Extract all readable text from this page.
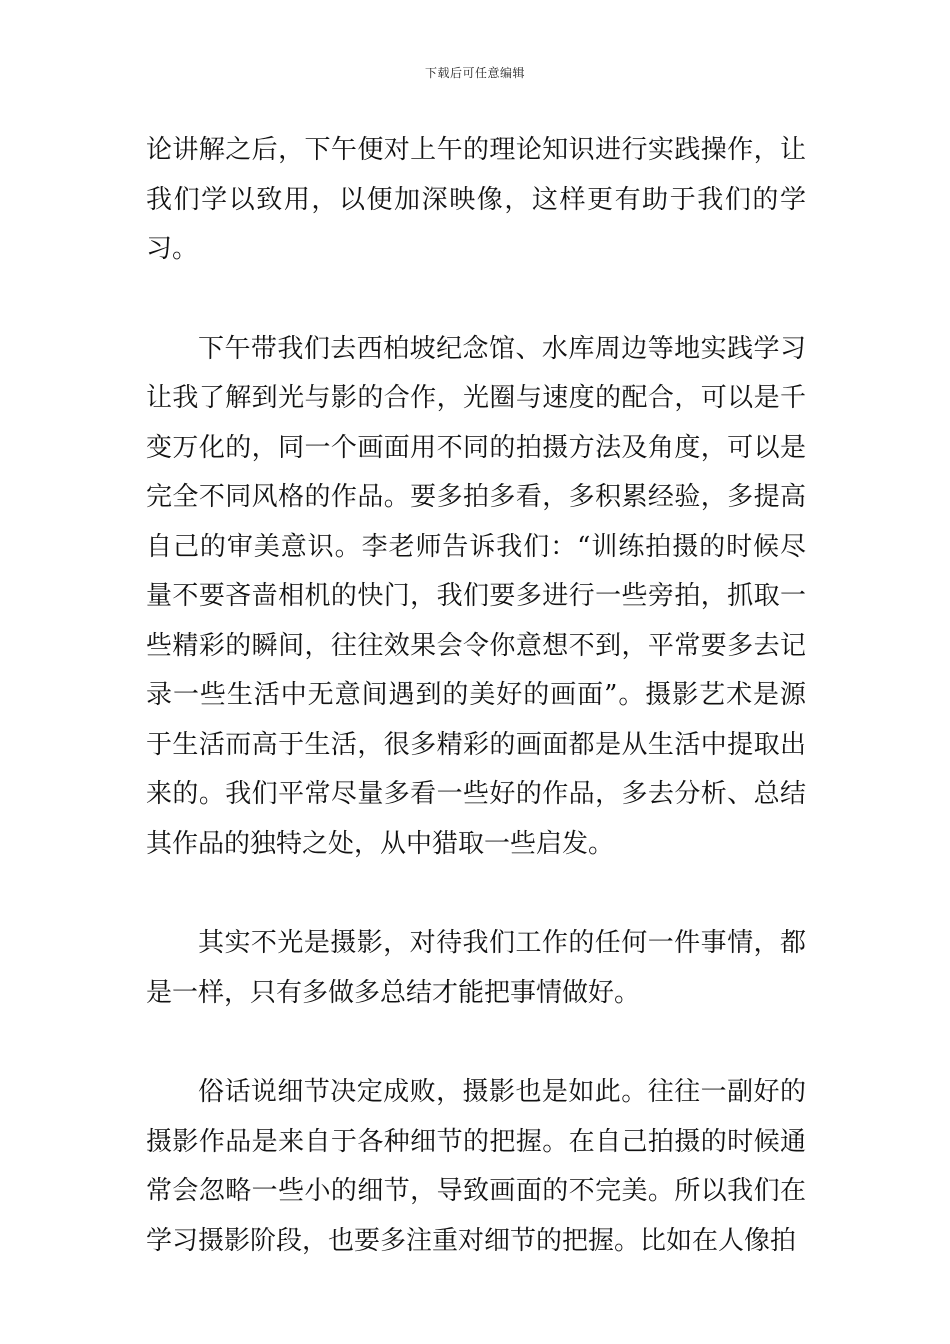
下载后可任意编辑

论讲解之后，下午便对上午的理论知识进行实践操作，让我们学以致用，以便加深映像，这样更有助于我们的学习。

下午带我们去西柏坡纪念馆、水库周边等地实践学习让我了解到光与影的合作，光圈与速度的配合，可以是千变万化的，同一个画面用不同的拍摄方法及角度，可以是完全不同风格的作品。要多拍多看，多积累经验，多提高自己的审美意识。李老师告诉我们：“训练拍摄的时候尽量不要吝啬相机的快门，我们要多进行一些旁拍，抓取一些精彩的瞬间，往往效果会令你意想不到，平常要多去记录一些生活中无意间遇到的美好的画面”。摄影艺术是源于生活而高于生活，很多精彩的画面都是从生活中提取出来的。我们平常尽量多看一些好的作品，多去分析、总结其作品的独特之处，从中猎取一些启发。

其实不光是摄影，对待我们工作的任何一件事情，都是一样，只有多做多总结才能把事情做好。

俗话说细节决定成败，摄影也是如此。往往一副好的摄影作品是来自于各种细节的把握。在自己拍摄的时候通常会忽略一些小的细节，导致画面的不完美。所以我们在学习摄影阶段，也要多注重对细节的把握。比如在人像拍
